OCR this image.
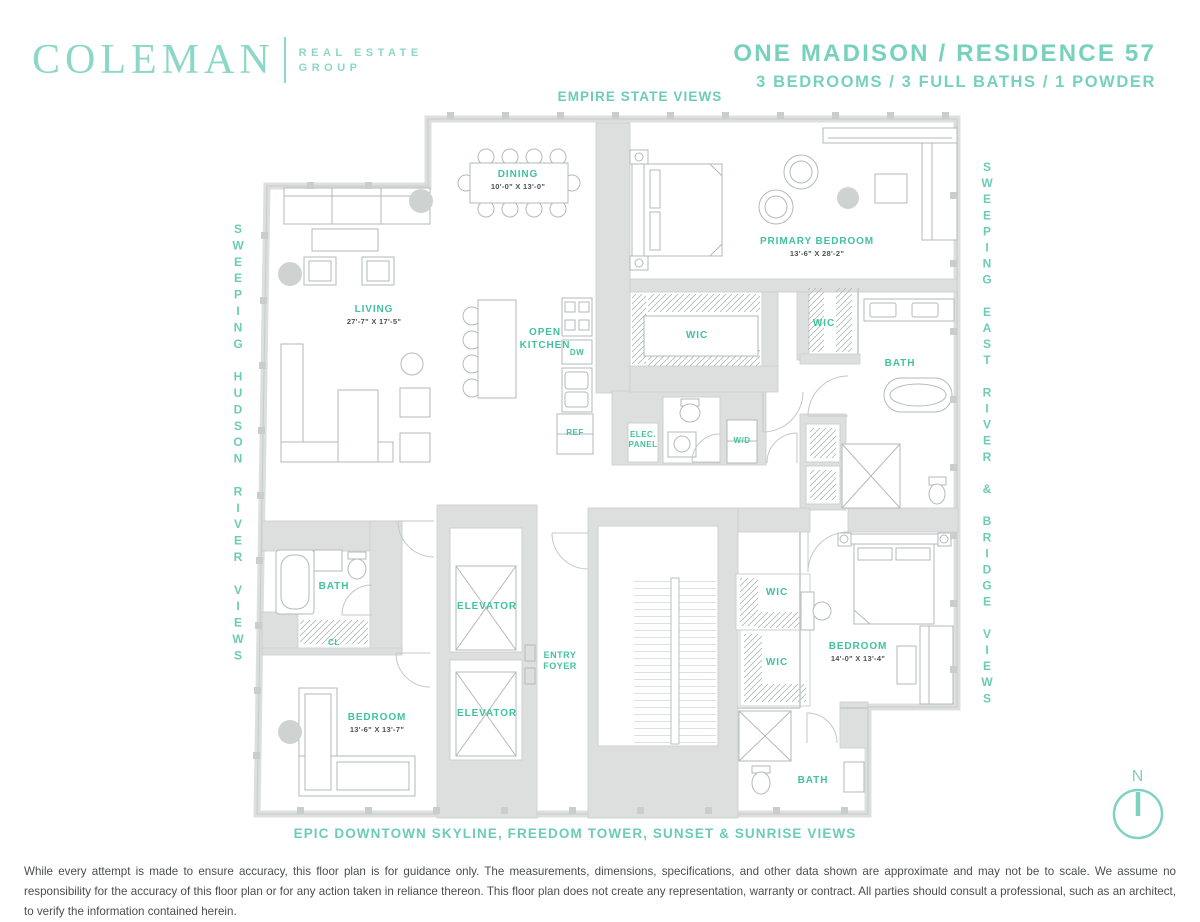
COLEMAN REAL ESTATE
GROUP
ONE MADISON / RESIDENCE 57
3 BEDROOMS / 3 FULL BATHS / 1 POWDER
EMPIRE STATE VIEWS
SWEEPING HUDSON RIVER VIEWS	SWEEPING EAST RIVER & BRIDGE VIEWS
EPIC DOWNTOWN SKYLINE, FREEDOM TOWER, SUNSET & SUNRISE VIEWS
DINING
10'-0" X 13'-0"
LIVING
27'-7" X 17'-5"
OPEN
KITCHEN
PRIMARY BEDROOM
13'-6" X 28'-2"
WIC
WIC
BATH
ELEC.
PANEL	W/D
DW
REF
BATH
CL
BEDROOM
13'-6" X 13'-7"
ELEVATOR
ELEVATOR
ENTRY
FOYER
WIC
WIC
BEDROOM
14'-0" X 13'-4"
BATH	N
While every attempt is made to ensure accuracy, this floor plan is for guidance only. The measurements, dimensions, specifications, and other data shown are approximate and may not be to scale. We assume no responsibility for the accuracy of this floor plan or for any action taken in reliance thereon. This floor plan does not create any representation, warranty or contract. All parties should consult a professional, such as an architect, to verify the information contained herein.
